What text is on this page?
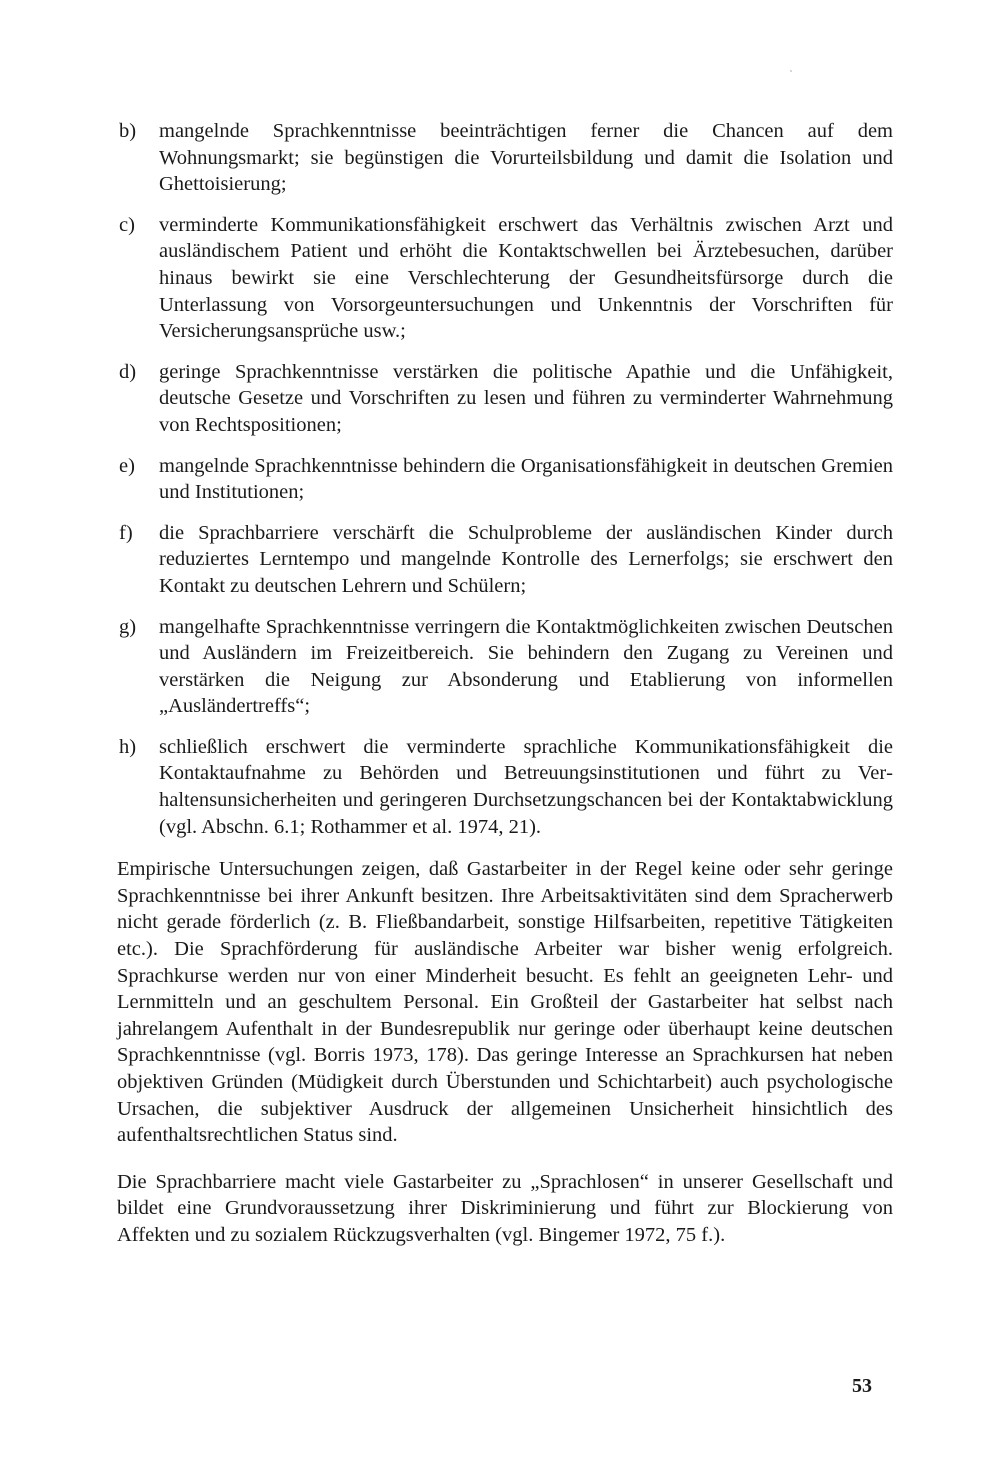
b) mangelnde Sprachkenntnisse beeinträchtigen ferner die Chancen auf dem Wohnungsmarkt; sie begünstigen die Vorurteilsbildung und damit die Isolation und Ghettoisierung;
c) verminderte Kommunikationsfähigkeit erschwert das Verhältnis zwischen Arzt und ausländischem Patient und erhöht die Kontaktschwellen bei Ärztebesuchen, darüber hinaus bewirkt sie eine Verschlechterung der Gesundheitsfürsorge durch die Unterlassung von Vorsorgeuntersuchungen und Unkenntnis der Vorschriften für Versicherungsansprüche usw.;
d) geringe Sprachkenntnisse verstärken die politische Apathie und die Unfähigkeit, deutsche Gesetze und Vorschriften zu lesen und führen zu verminderter Wahrnehmung von Rechtspositionen;
e) mangelnde Sprachkenntnisse behindern die Organisationsfähigkeit in deutschen Gremien und Institutionen;
f) die Sprachbarriere verschärft die Schulprobleme der ausländischen Kinder durch reduziertes Lerntempo und mangelnde Kontrolle des Lernerfolgs; sie erschwert den Kontakt zu deutschen Lehrern und Schülern;
g) mangelhafte Sprachkenntnisse verringern die Kontaktmöglichkeiten zwischen Deutschen und Ausländern im Freizeitbereich. Sie behindern den Zugang zu Vereinen und verstärken die Neigung zur Absonderung und Etablierung von informellen „Ausländertreffs“;
h) schließlich erschwert die verminderte sprachliche Kommunikationsfähigkeit die Kontaktaufnahme zu Behörden und Betreuungsinstitutionen und führt zu Verhaltensunsicherheiten und geringeren Durchsetzungschancen bei der Kontaktabwicklung (vgl. Abschn. 6.1; Rothammer et al. 1974, 21).

Empirische Untersuchungen zeigen, daß Gastarbeiter in der Regel keine oder sehr geringe Sprachkenntnisse bei ihrer Ankunft besitzen. Ihre Arbeitsaktivitäten sind dem Spracherwerb nicht gerade förderlich (z. B. Fließbandarbeit, sonstige Hilfsarbeiten, repetitive Tätigkeiten etc.). Die Sprachförderung für ausländische Arbeiter war bisher wenig erfolgreich. Sprachkurse werden nur von einer Minderheit besucht. Es fehlt an geeigneten Lehr- und Lernmitteln und an geschultem Personal. Ein Großteil der Gastarbeiter hat selbst nach jahrelangem Aufenthalt in der Bundesrepublik nur geringe oder überhaupt keine deutschen Sprachkenntnisse (vgl. Borris 1973, 178). Das geringe Interesse an Sprachkursen hat neben objektiven Gründen (Müdigkeit durch Überstunden und Schichtarbeit) auch psychologische Ursachen, die subjektiver Ausdruck der allgemeinen Unsicherheit hinsichtlich des aufenthaltsrechtlichen Status sind.

Die Sprachbarriere macht viele Gastarbeiter zu „Sprachlosen“ in unserer Gesellschaft und bildet eine Grundvoraussetzung ihrer Diskriminierung und führt zur Blockierung von Affekten und zu sozialem Rückzugsverhalten (vgl. Bingemer 1972, 75 f.).

53
